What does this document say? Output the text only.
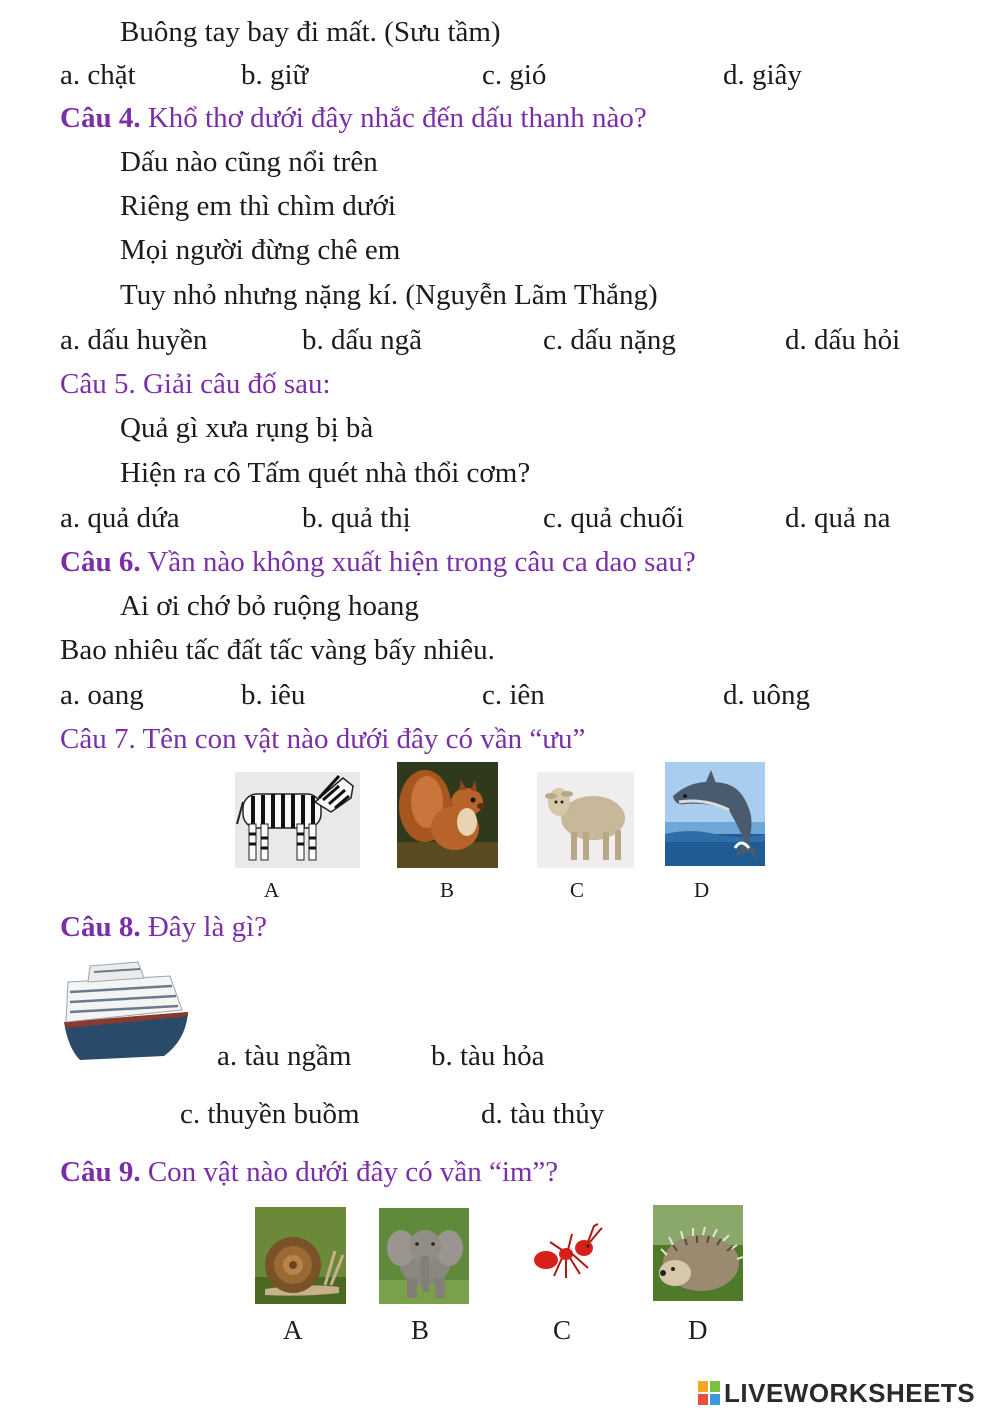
Buông tay bay đi mất. (Sưu tầm)
a. chặt	b. giữ	c. gió	d. giây
Câu 4. Khổ thơ dưới đây nhắc đến dấu thanh nào?
Dấu nào cũng nổi trên
Riêng em thì chìm dưới
Mọi người đừng chê em
Tuy nhỏ nhưng nặng kí. (Nguyễn Lãm Thắng)
a. dấu huyền	b. dấu ngã	c. dấu nặng	d. dấu hỏi
Câu 5. Giải câu đố sau:
Quả gì xưa rụng bị bà
Hiện ra cô Tấm quét nhà thổi cơm?
a. quả dứa	b. quả thị	c. quả chuối	d. quả na
Câu 6. Vần nào không xuất hiện trong câu ca dao sau?
Ai ơi chớ bỏ ruộng hoang
Bao nhiêu tấc đất tấc vàng bấy nhiêu.
a. oang	b. iêu	c. iên	d. uông
Câu 7. Tên con vật nào dưới đây có vần “ưu”
A	B	C	D
Câu 8. Đây là gì?
a. tàu ngầm	b. tàu hỏa
c. thuyền buồm	d. tàu thủy
Câu 9. Con vật nào dưới đây có vần “im”?
A	B	C	D
LIVEWORKSHEETS
